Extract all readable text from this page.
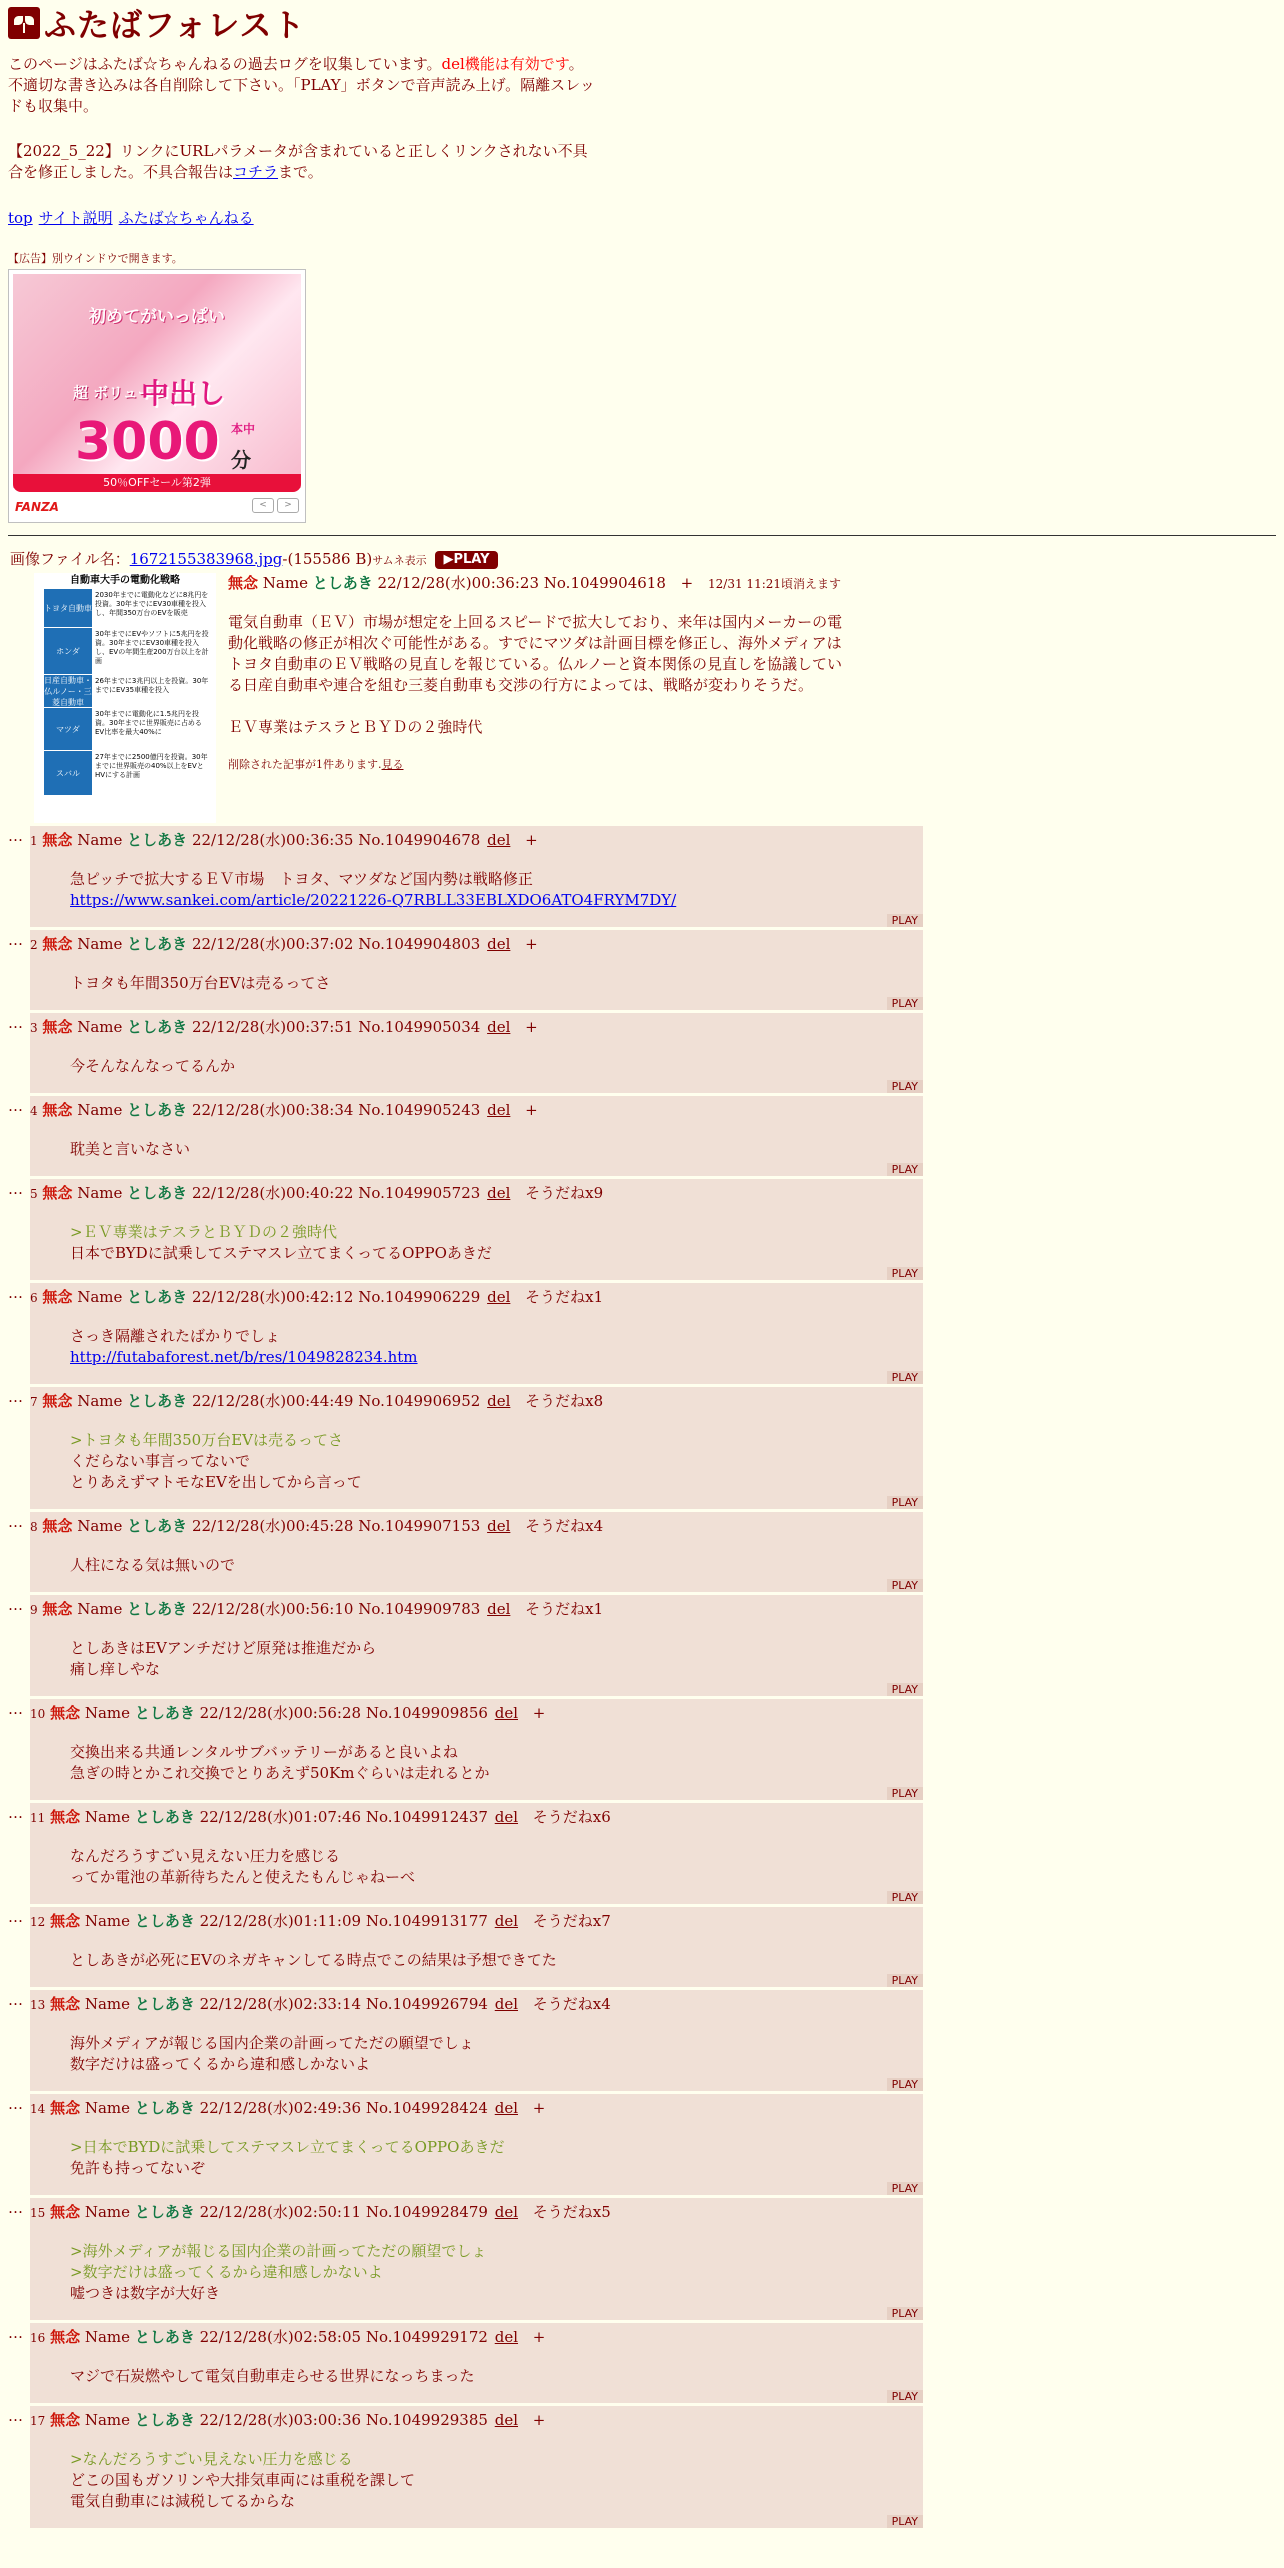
ふたばフォレスト
このページはふたば☆ちゃんねるの過去ログを収集しています。del機能は有効です。不適切な書き込みは各自削除して下さい。「PLAY」ボタンで音声読み上げ。隔離スレッドも収集中。
【2022_5_22】リンクにURLパラメータが含まれていると正しくリンクされない不具合を修正しました。不具合報告はコチラまで。
top サイト説明 ふたば☆ちゃんねる
【広告】別ウインドウで開きます。
初めてがいっぱい
超 ボリューム
中出し
3000 本中
分
50％OFFセール第2弾
FANZA	<	>
画像ファイル名：1672155383968.jpg-(155586 B)サムネ表示 ▶PLAY
自動車大手の電動化戦略
トヨタ自動車
2030年までに電動化などに8兆円を投資。30年までにEV30車種を投入し、年間350万台のEVを販売
ホンダ
30年までにEVやソフトに5兆円を投資。30年までにEV30車種を投入し、EVの年間生産200万台以上を計画
日産自動車・仏ルノー・三菱自動車
26年までに3兆円以上を投資。30年までにEV35車種を投入
マツダ
30年までに電動化に1.5兆円を投資。30年までに世界販売に占めるEV比率を最大40%に
スバル
27年までに2500億円を投資。30年までに世界販売の40%以上をEVとHVにする計画
無念 Name としあき 22/12/28(水)00:36:23 No.1049904618 + 12/31 11:21頃消えます
電気自動車（ＥＶ）市場が想定を上回るスピードで拡大しており、来年は国内メーカーの電動化戦略の修正が相次ぐ可能性がある。すでにマツダは計画目標を修正し、海外メディアはトヨタ自動車のＥＶ戦略の見直しを報じている。仏ルノーと資本関係の見直しを協議している日産自動車や連合を組む三菱自動車も交渉の行方によっては、戦略が変わりそうだ。
ＥＶ専業はテスラとＢＹＤの２強時代
削除された記事が1件あります.見る
… 1 無念 Name としあき 22/12/28(水)00:36:35 No.1049904678 del +
急ピッチで拡大するＥＶ市場　トヨタ、マツダなど国内勢は戦略修正
https://www.sankei.com/article/20221226-Q7RBLL33EBLXDO6ATO4FRYM7DY/
PLAY
… 2 無念 Name としあき 22/12/28(水)00:37:02 No.1049904803 del +
トヨタも年間350万台EVは売るってさ
PLAY
… 3 無念 Name としあき 22/12/28(水)00:37:51 No.1049905034 del +
今そんなんなってるんか
PLAY
… 4 無念 Name としあき 22/12/28(水)00:38:34 No.1049905243 del +
耽美と言いなさい
PLAY
… 5 無念 Name としあき 22/12/28(水)00:40:22 No.1049905723 del そうだねx9
>ＥＶ専業はテスラとＢＹＤの２強時代
日本でBYDに試乗してステマスレ立てまくってるOPPOあきだ
PLAY
… 6 無念 Name としあき 22/12/28(水)00:42:12 No.1049906229 del そうだねx1
さっき隔離されたばかりでしょ
http://futabaforest.net/b/res/1049828234.htm
PLAY
… 7 無念 Name としあき 22/12/28(水)00:44:49 No.1049906952 del そうだねx8
>トヨタも年間350万台EVは売るってさ
くだらない事言ってないで
とりあえずマトモなEVを出してから言って
PLAY
… 8 無念 Name としあき 22/12/28(水)00:45:28 No.1049907153 del そうだねx4
人柱になる気は無いので
PLAY
… 9 無念 Name としあき 22/12/28(水)00:56:10 No.1049909783 del そうだねx1
としあきはEVアンチだけど原発は推進だから
痛し痒しやな
PLAY
… 10 無念 Name としあき 22/12/28(水)00:56:28 No.1049909856 del +
交換出来る共通レンタルサブバッテリーがあると良いよね
急ぎの時とかこれ交換でとりあえず50Kmぐらいは走れるとか
PLAY
… 11 無念 Name としあき 22/12/28(水)01:07:46 No.1049912437 del そうだねx6
なんだろうすごい見えない圧力を感じる
ってか電池の革新待ちたんと使えたもんじゃねーべ
PLAY
… 12 無念 Name としあき 22/12/28(水)01:11:09 No.1049913177 del そうだねx7
としあきが必死にEVのネガキャンしてる時点でこの結果は予想できてた
PLAY
… 13 無念 Name としあき 22/12/28(水)02:33:14 No.1049926794 del そうだねx4
海外メディアが報じる国内企業の計画ってただの願望でしょ
数字だけは盛ってくるから違和感しかないよ
PLAY
… 14 無念 Name としあき 22/12/28(水)02:49:36 No.1049928424 del +
>日本でBYDに試乗してステマスレ立てまくってるOPPOあきだ
免許も持ってないぞ
PLAY
… 15 無念 Name としあき 22/12/28(水)02:50:11 No.1049928479 del そうだねx5
>海外メディアが報じる国内企業の計画ってただの願望でしょ
>数字だけは盛ってくるから違和感しかないよ
嘘つきは数字が大好き
PLAY
… 16 無念 Name としあき 22/12/28(水)02:58:05 No.1049929172 del +
マジで石炭燃やして電気自動車走らせる世界になっちまった
PLAY
… 17 無念 Name としあき 22/12/28(水)03:00:36 No.1049929385 del +
>なんだろうすごい見えない圧力を感じる
どこの国もガソリンや大排気車両には重税を課して
電気自動車には減税してるからな
PLAY
